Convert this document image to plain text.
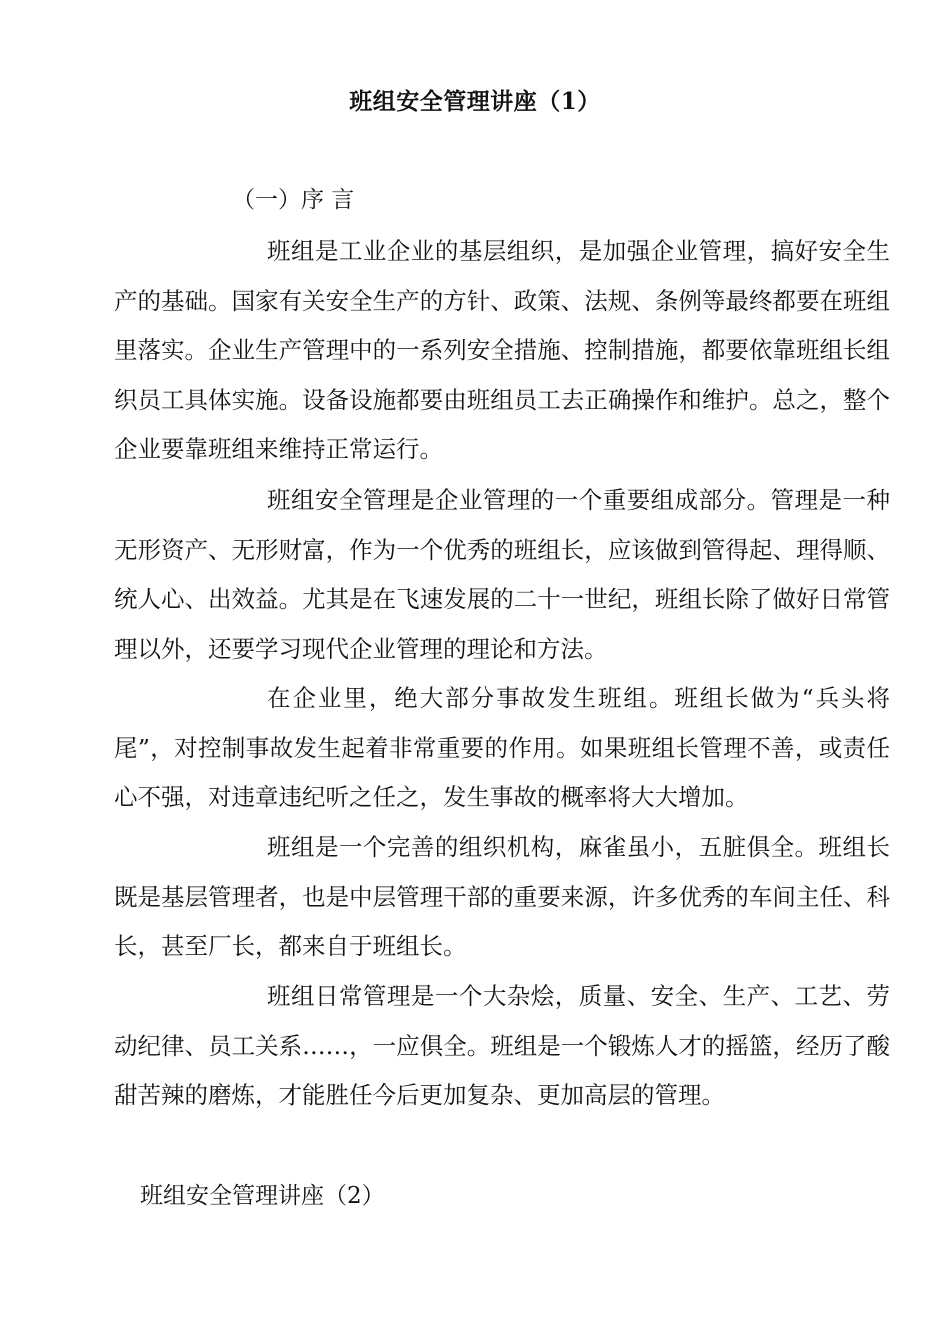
班组安全管理讲座（1）
（一）序 言

班组是工业企业的基层组织，是加强企业管理，搞好安全生产的基础。国家有关安全生产的方针、政策、法规、条例等最终都要在班组里落实。企业生产管理中的一系列安全措施、控制措施，都要依靠班组长组织员工具体实施。设备设施都要由班组员工去正确操作和维护。总之，整个企业要靠班组来维持正常运行。

班组安全管理是企业管理的一个重要组成部分。管理是一种无形资产、无形财富，作为一个优秀的班组长，应该做到管得起、理得顺、统人心、出效益。尤其是在飞速发展的二十一世纪，班组长除了做好日常管理以外，还要学习现代企业管理的理论和方法。

在企业里，绝大部分事故发生班组。班组长做为“兵头将尾”，对控制事故发生起着非常重要的作用。如果班组长管理不善，或责任心不强，对违章违纪听之任之，发生事故的概率将大大增加。

班组是一个完善的组织机构，麻雀虽小，五脏俱全。班组长既是基层管理者，也是中层管理干部的重要来源，许多优秀的车间主任、科长，甚至厂长，都来自于班组长。

班组日常管理是一个大杂烩，质量、安全、生产、工艺、劳动纪律、员工关系……，一应俱全。班组是一个锻炼人才的摇篮，经历了酸甜苦辣的磨炼，才能胜任今后更加复杂、更加高层的管理。

班组安全管理讲座（2）
